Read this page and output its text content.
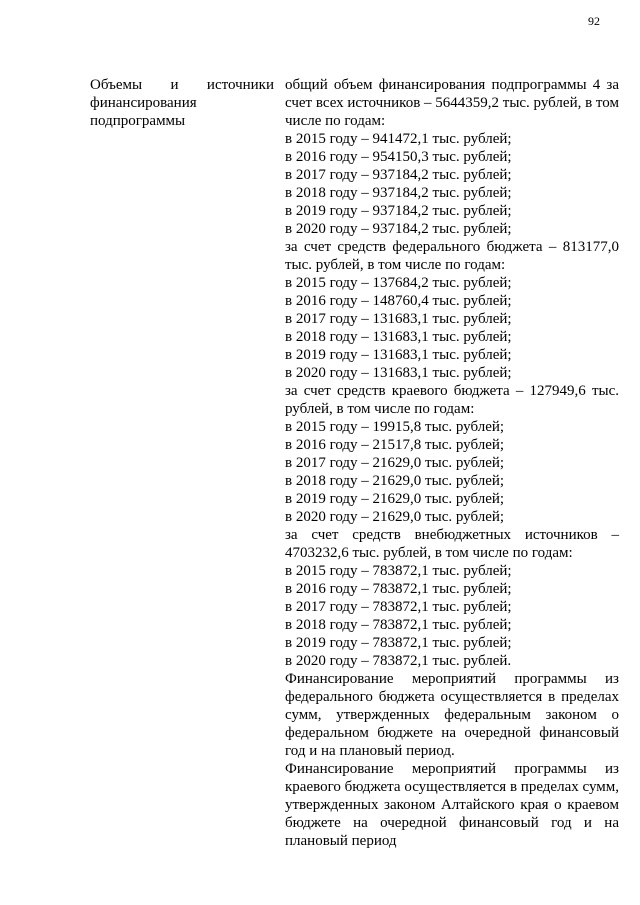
92
Объемы и источники финансирования подпрограммы
общий объем финансирования подпрограммы 4 за счет всех источников – 5644359,2 тыс. рублей, в том числе по годам:
в 2015 году – 941472,1 тыс. рублей;
в 2016 году – 954150,3 тыс. рублей;
в 2017 году – 937184,2 тыс. рублей;
в 2018 году – 937184,2 тыс. рублей;
в 2019 году – 937184,2 тыс. рублей;
в 2020 году – 937184,2 тыс. рублей;
за счет средств федерального бюджета – 813177,0 тыс. рублей, в том числе по годам:
в 2015 году – 137684,2 тыс. рублей;
в 2016 году – 148760,4 тыс. рублей;
в 2017 году – 131683,1 тыс. рублей;
в 2018 году – 131683,1 тыс. рублей;
в 2019 году – 131683,1 тыс. рублей;
в 2020 году – 131683,1 тыс. рублей;
за счет средств краевого бюджета – 127949,6 тыс. рублей, в том числе по годам:
в 2015 году – 19915,8 тыс. рублей;
в 2016 году – 21517,8 тыс. рублей;
в 2017 году – 21629,0 тыс. рублей;
в 2018 году – 21629,0 тыс. рублей;
в 2019 году – 21629,0 тыс. рублей;
в 2020 году – 21629,0 тыс. рублей;
за счет средств внебюджетных источников – 4703232,6 тыс. рублей, в том числе по годам:
в 2015 году – 783872,1 тыс. рублей;
в 2016 году – 783872,1 тыс. рублей;
в 2017 году – 783872,1 тыс. рублей;
в 2018 году – 783872,1 тыс. рублей;
в 2019 году – 783872,1 тыс. рублей;
в 2020 году – 783872,1 тыс. рублей.
Финансирование мероприятий программы из федерального бюджета осуществляется в пределах сумм, утвержденных федеральным законом о федеральном бюджете на очередной финансовый год и на плановый период.
Финансирование мероприятий программы из краевого бюджета осуществляется в пределах сумм, утвержденных законом Алтайского края о краевом бюджете на очередной финансовый год и на плановый период
